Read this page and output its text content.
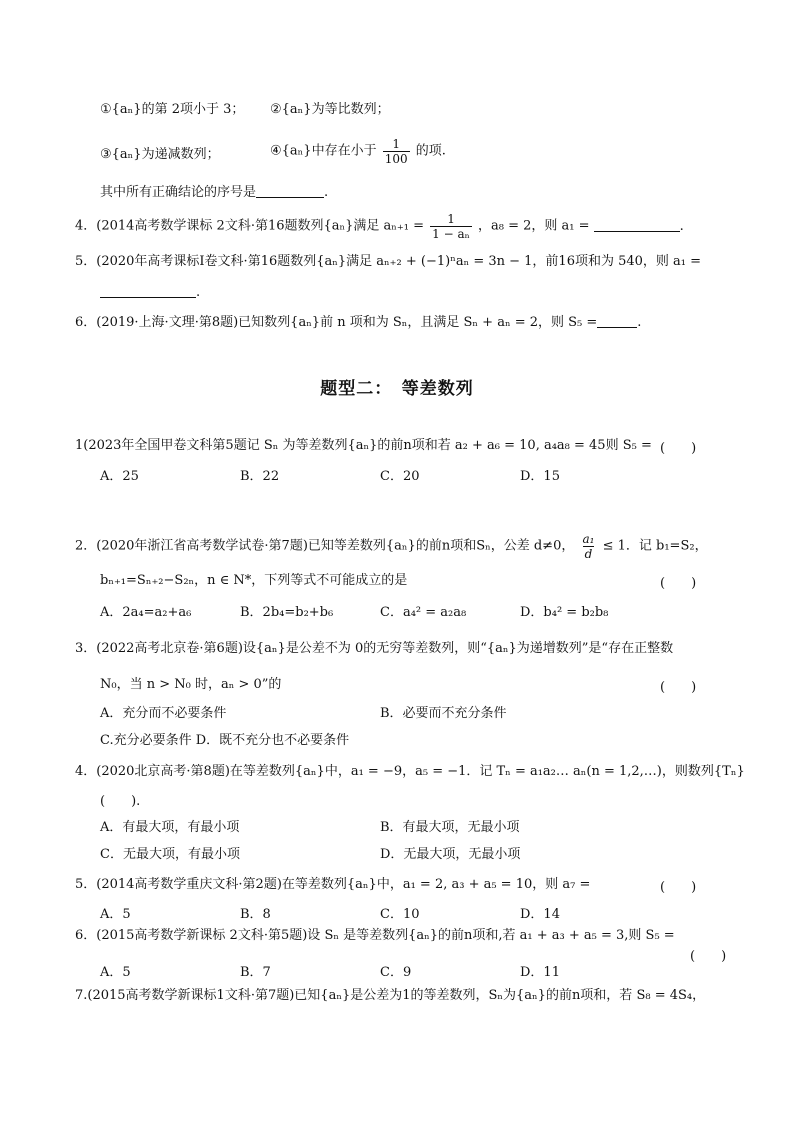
①{aₙ}的第 2项小于 3； ②{aₙ}为等比数列；
③{aₙ}为递减数列；	④{aₙ}中存在小于 $\frac{1}{100}$ 的项.
其中所有正确结论的序号是	.
4．(2014高考数学课标 2文科·第16题数列{aₙ}满足 $a_{n+1} = \frac{1}{\text{1 − aₙ}}$ ，a₈ = 2，则 a₁ =	.
5．(2020年高考课标Ⅰ卷文科·第16题数列{aₙ}满足 aₙ₊₂ + (−1)ⁿaₙ = 3n − 1，前16项和为 540，则 a₁ =
.
6．(2019·上海·文理·第8题)已知数列{aₙ}前 n 项和为 Sₙ，且满足 Sₙ + aₙ = 2，则 S₅ =	.
题型二：　等差数列
1(2023年全国甲卷文科第5题记 Sₙ 为等差数列{aₙ}的前n项和若 a₂ + a₆ = 10, a₄a₈ = 45则 S₅ = (　　)
A．25	B．22	C．20	D．15
2．(2020年浙江省高考数学试卷·第7题)已知等差数列{aₙ}的前n项和Sₙ，公差 d≠0， $\frac{\text{a₁}}{d} \le 1$．记 b₁=S₂，
bₙ₊₁=Sₙ₊₂−S₂ₙ，n ∈ N*，下列等式不可能成立的是	(　　)
A．2a₄=a₂+a₆	B．2b₄=b₂+b₆	C．a₄² = a₂a₈	D．b₄² = b₂b₈
3．(2022高考北京卷·第6题)设{aₙ}是公差不为 0的无穷等差数列，则“{aₙ}为递增数列”是“存在正整数
N₀，当 n > N₀ 时，aₙ > 0”的	(　　)
A．充分而不必要条件	B．必要而不充分条件
C.充分必要条件 D．既不充分也不必要条件
4．(2020北京高考·第8题)在等差数列{aₙ}中，a₁ = −9，a₅ = −1．记 Tₙ = a₁a₂… aₙ(n = 1,2,…)，则数列{Tₙ}
(　　).
A．有最大项，有最小项	B．有最大项，无最小项
C．无最大项，有最小项	D．无最大项，无最小项
5．(2014高考数学重庆文科·第2题)在等差数列{aₙ}中，a₁ = 2, a₃ + a₅ = 10，则 a₇ =	(　　)
A．5	B．8	C．10	D．14
6．(2015高考数学新课标 2文科·第5题)设 Sₙ 是等差数列{aₙ}的前n项和,若 a₁ + a₃ + a₅ = 3,则 S₅ =
(　　)
A．5	B．7	C．9	D．11
7.(2015高考数学新课标1文科·第7题)已知{aₙ}是公差为1的等差数列，Sₙ为{aₙ}的前n项和，若 S₈ = 4S₄，
